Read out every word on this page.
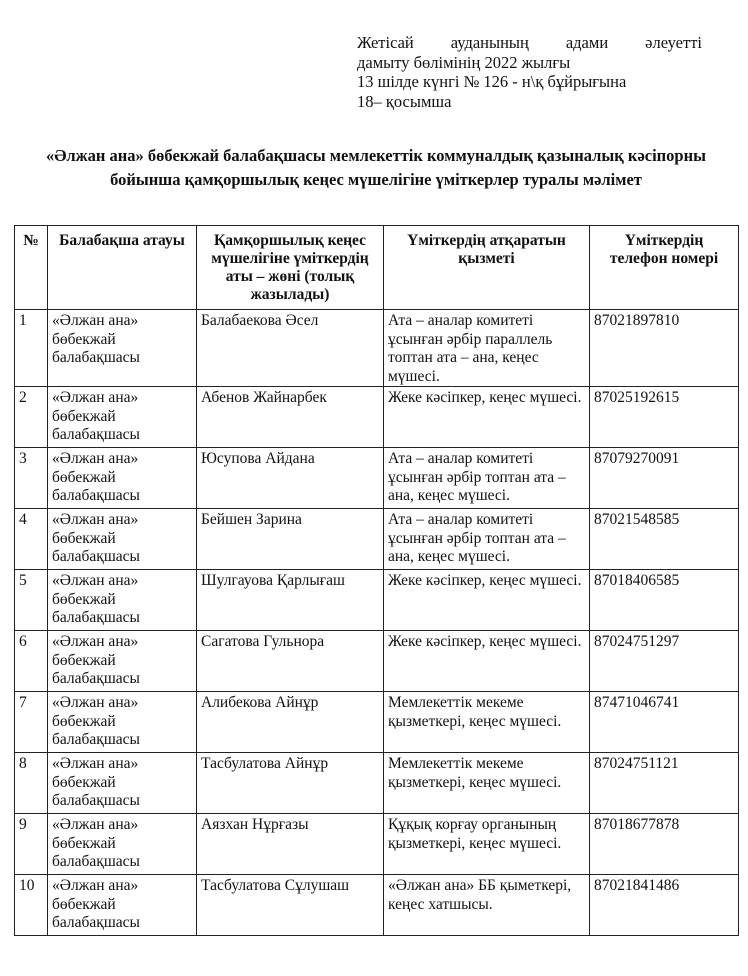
Жетісай ауданының адами әлеуетті
дамыту бөлімінің 2022 жылғы
13 шілде күнгі № 126 - н\қ бұйрығына
18– қосымша
«Әлжан ана» бөбекжай балабақшасы мемлекеттік коммуналдық қазыналық кәсіпорны бойынша қамқоршылық кеңес мүшелігіне үміткерлер туралы мәлімет
№	Балабақша атауы	Қамқоршылық кеңес мүшелігіне үміткердің аты – жөні (толық жазылады)	Үміткердің атқаратын қызметі	Үміткердің телефон номері
1	«Әлжан ана» бөбекжай балабақшасы	Балабаекова Әсел	Ата – аналар комитеті ұсынған әрбір параллель топтан ата – ана, кеңес мүшесі.	87021897810
2	«Әлжан ана» бөбекжай балабақшасы	Абенов Жайнарбек	Жеке кәсіпкер, кеңес мүшесі.	87025192615
3	«Әлжан ана» бөбекжай балабақшасы	Юсупова Айдана	Ата – аналар комитеті ұсынған әрбір топтан ата – ана, кеңес мүшесі.	87079270091
4	«Әлжан ана» бөбекжай балабақшасы	Бейшен Зарина	Ата – аналар комитеті ұсынған әрбір топтан ата – ана, кеңес мүшесі.	87021548585
5	«Әлжан ана» бөбекжай балабақшасы	Шулгауова Қарлығаш	Жеке кәсіпкер, кеңес мүшесі.	87018406585
6	«Әлжан ана» бөбекжай балабақшасы	Сагатова Гульнора	Жеке кәсіпкер, кеңес мүшесі.	87024751297
7	«Әлжан ана» бөбекжай балабақшасы	Алибекова Айнұр	Мемлекеттік мекеме қызметкері, кеңес мүшесі.	87471046741
8	«Әлжан ана» бөбекжай балабақшасы	Тасбулатова Айнұр	Мемлекеттік мекеме қызметкері, кеңес мүшесі.	87024751121
9	«Әлжан ана» бөбекжай балабақшасы	Аязхан Нұрғазы	Құқық корғау органының қызметкері, кеңес мүшесі.	87018677878
10	«Әлжан ана» бөбекжай балабақшасы	Тасбулатова Сұлушаш	«Әлжан ана» ББ қыметкері, кеңес хатшысы.	87021841486
